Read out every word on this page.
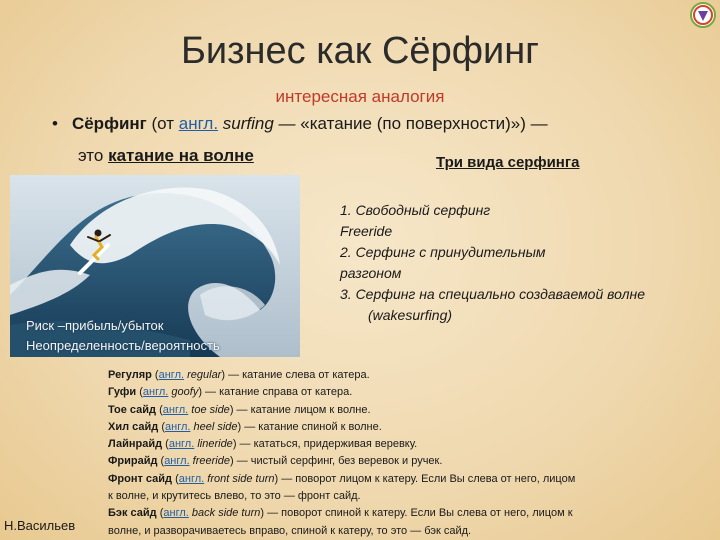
Бизнес как Сёрфинг
интересная аналогия
• Сёрфинг (от англ. surfing — «катание (по поверхности)») —
это катание на волне	Три вида серфинга
Риск –прибыль/убыток
Неопределенность/вероятность
1. Свободный серфинг
Freeride
2. Серфинг с принудительным
разгоном
3. Серфинг на специально создаваемой волне
(wakesurfing)
Регуляр (англ. regular) — катание слева от катера.
Гуфи (англ. goofy) — катание справа от катера.
Тое сайд (англ. toe side) — катание лицом к волне.
Хил сайд (англ. heel side) — катание спиной к волне.
Лайнрайд (англ. lineride) — кататься, придерживая веревку.
Фрирайд (англ. freeride) — чистый серфинг, без веревок и ручек.
Фронт сайд (англ. front side turn) — поворот лицом к катеру. Если Вы слева от него, лицом
к волне, и крутитесь влево, то это — фронт сайд.
Бэк сайд (англ. back side turn) — поворот спиной к катеру. Если Вы слева от него, лицом к
волне, и разворачиваетесь вправо, спиной к катеру, то это — бэк сайд.
Н.Васильев
